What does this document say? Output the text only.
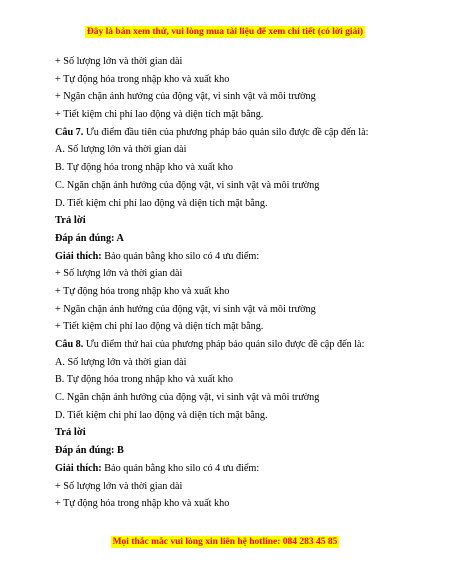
Đây là bản xem thử, vui lòng mua tài liệu để xem chi tiết (có lời giải)
+ Số lượng lớn và thời gian dài
+ Tự động hóa trong nhập kho và xuất kho
+ Ngăn chặn ảnh hưởng của động vật, vi sinh vật và môi trường
+ Tiết kiệm chi phí lao động và diện tích mặt bằng.
Câu 7. Ưu điểm đầu tiên của phương pháp bảo quản silo được đề cập đến là:
A. Số lượng lớn và thời gian dài
B. Tự động hóa trong nhập kho và xuất kho
C. Ngăn chặn ảnh hưởng của động vật, vi sinh vật và môi trường
D. Tiết kiệm chi phí lao động và diện tích mặt bằng.
Trả lời
Đáp án đúng: A
Giải thích: Bảo quản bằng kho silo có 4 ưu điểm:
+ Số lượng lớn và thời gian dài
+ Tự động hóa trong nhập kho và xuất kho
+ Ngăn chặn ảnh hưởng của động vật, vi sinh vật và môi trường
+ Tiết kiệm chi phí lao động và diện tích mặt bằng.
Câu 8. Ưu điểm thứ hai của phương pháp bảo quản silo được đề cập đến là:
A. Số lượng lớn và thời gian dài
B. Tự động hóa trong nhập kho và xuất kho
C. Ngăn chặn ảnh hưởng của động vật, vi sinh vật và môi trường
D. Tiết kiệm chi phí lao động và diện tích mặt bằng.
Trả lời
Đáp án đúng: B
Giải thích: Bảo quản bằng kho silo có 4 ưu điểm:
+ Số lượng lớn và thời gian dài
+ Tự động hóa trong nhập kho và xuất kho
Mọi thắc mắc vui lòng xin liên hệ hotline: 084 283 45 85
